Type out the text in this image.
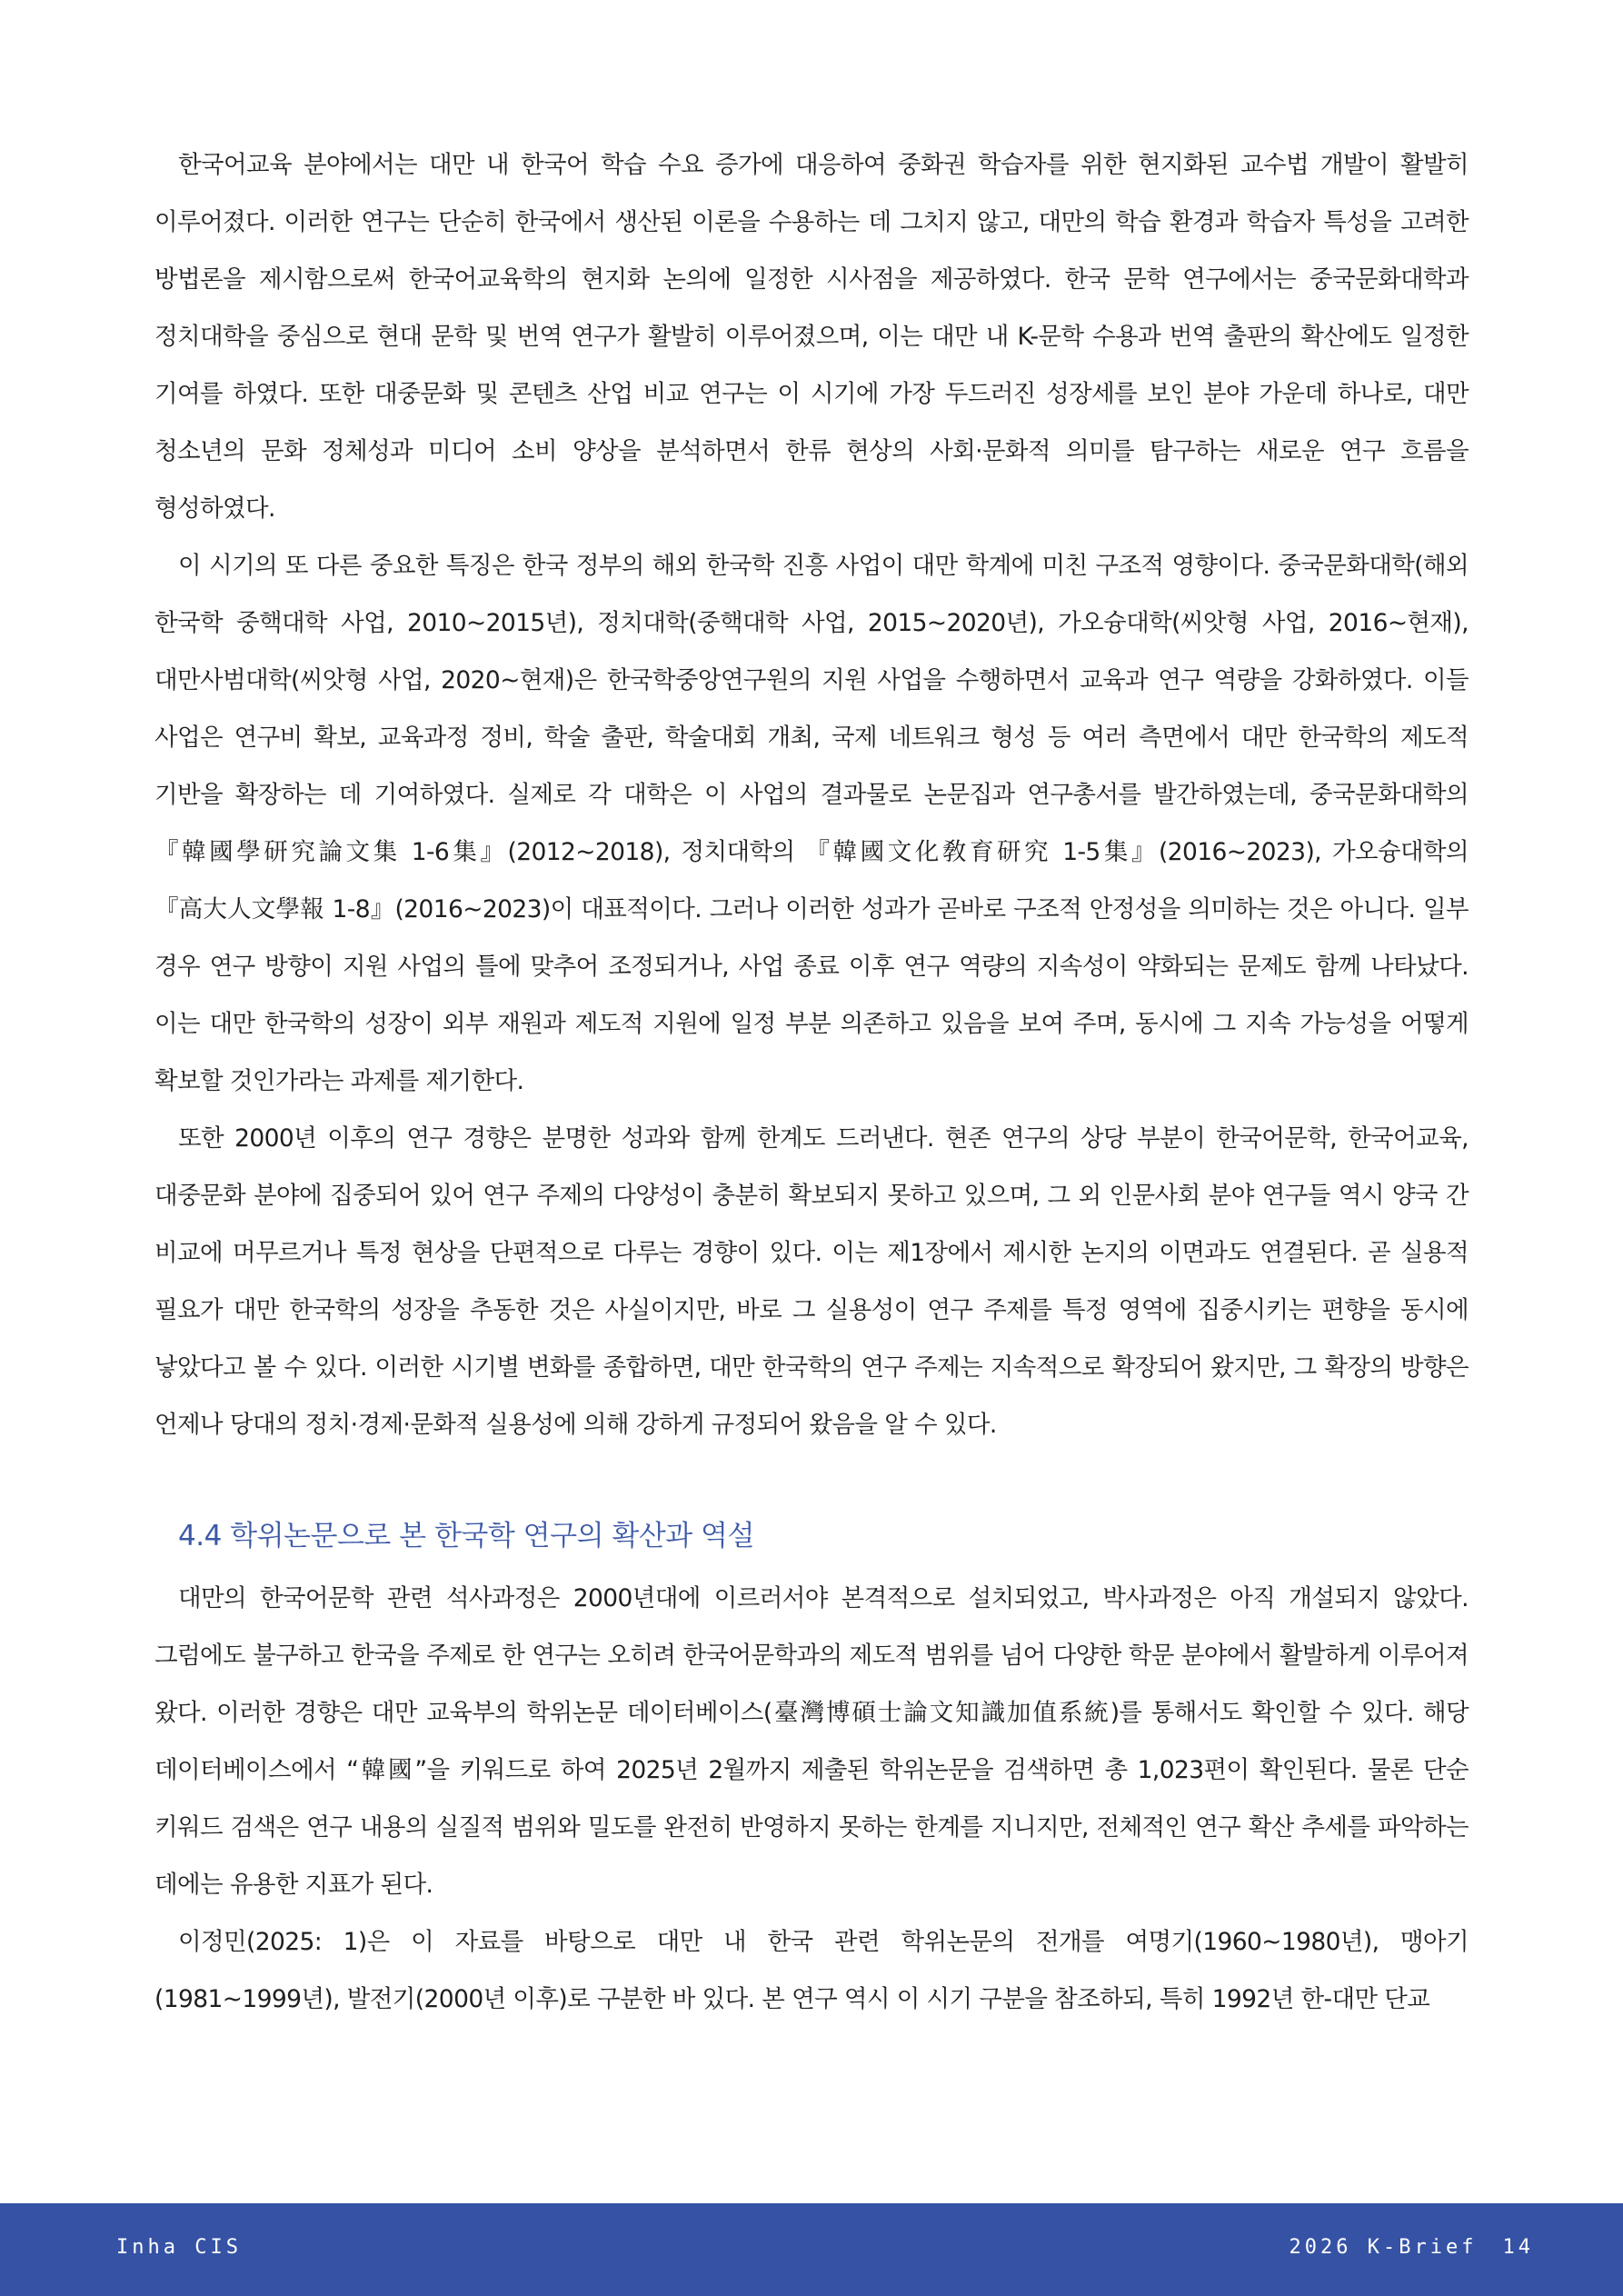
한국어교육 분야에서는 대만 내 한국어 학습 수요 증가에 대응하여 중화권 학습자를 위한 현지화된 교수법 개발이 활발히 이루어졌다. 이러한 연구는 단순히 한국에서 생산된 이론을 수용하는 데 그치지 않고, 대만의 학습 환경과 학습자 특성을 고려한 방법론을 제시함으로써 한국어교육학의 현지화 논의에 일정한 시사점을 제공하였다. 한국 문학 연구에서는 중국문화대학과 정치대학을 중심으로 현대 문학 및 번역 연구가 활발히 이루어졌으며, 이는 대만 내 K-문학 수용과 번역 출판의 확산에도 일정한 기여를 하였다. 또한 대중문화 및 콘텐츠 산업 비교 연구는 이 시기에 가장 두드러진 성장세를 보인 분야 가운데 하나로, 대만 청소년의 문화 정체성과 미디어 소비 양상을 분석하면서 한류 현상의 사회·문화적 의미를 탐구하는 새로운 연구 흐름을 형성하였다.

이 시기의 또 다른 중요한 특징은 한국 정부의 해외 한국학 진흥 사업이 대만 학계에 미친 구조적 영향이다. 중국문화대학(해외 한국학 중핵대학 사업, 2010~2015년), 정치대학(중핵대학 사업, 2015~2020년), 가오슝대학(씨앗형 사업, 2016~현재), 대만사범대학(씨앗형 사업, 2020~현재)은 한국학중앙연구원의 지원 사업을 수행하면서 교육과 연구 역량을 강화하였다. 이들 사업은 연구비 확보, 교육과정 정비, 학술 출판, 학술대회 개최, 국제 네트워크 형성 등 여러 측면에서 대만 한국학의 제도적 기반을 확장하는 데 기여하였다. 실제로 각 대학은 이 사업의 결과물로 논문집과 연구총서를 발간하였는데, 중국문화대학의 『韓國學研究論文集 1-6集』(2012~2018), 정치대학의 『韓國文化敎育研究 1-5集』(2016~2023), 가오슝대학의 『高大人文學報 1-8』(2016~2023)이 대표적이다. 그러나 이러한 성과가 곧바로 구조적 안정성을 의미하는 것은 아니다. 일부 경우 연구 방향이 지원 사업의 틀에 맞추어 조정되거나, 사업 종료 이후 연구 역량의 지속성이 약화되는 문제도 함께 나타났다. 이는 대만 한국학의 성장이 외부 재원과 제도적 지원에 일정 부분 의존하고 있음을 보여 주며, 동시에 그 지속 가능성을 어떻게 확보할 것인가라는 과제를 제기한다.

또한 2000년 이후의 연구 경향은 분명한 성과와 함께 한계도 드러낸다. 현존 연구의 상당 부분이 한국어문학, 한국어교육, 대중문화 분야에 집중되어 있어 연구 주제의 다양성이 충분히 확보되지 못하고 있으며, 그 외 인문사회 분야 연구들 역시 양국 간 비교에 머무르거나 특정 현상을 단편적으로 다루는 경향이 있다. 이는 제1장에서 제시한 논지의 이면과도 연결된다. 곧 실용적 필요가 대만 한국학의 성장을 추동한 것은 사실이지만, 바로 그 실용성이 연구 주제를 특정 영역에 집중시키는 편향을 동시에 낳았다고 볼 수 있다. 이러한 시기별 변화를 종합하면, 대만 한국학의 연구 주제는 지속적으로 확장되어 왔지만, 그 확장의 방향은 언제나 당대의 정치·경제·문화적 실용성에 의해 강하게 규정되어 왔음을 알 수 있다.

4.4 학위논문으로 본 한국학 연구의 확산과 역설

대만의 한국어문학 관련 석사과정은 2000년대에 이르러서야 본격적으로 설치되었고, 박사과정은 아직 개설되지 않았다. 그럼에도 불구하고 한국을 주제로 한 연구는 오히려 한국어문학과의 제도적 범위를 넘어 다양한 학문 분야에서 활발하게 이루어져 왔다. 이러한 경향은 대만 교육부의 학위논문 데이터베이스(臺灣博碩士論文知識加值系統)를 통해서도 확인할 수 있다. 해당 데이터베이스에서 “韓國”을 키워드로 하여 2025년 2월까지 제출된 학위논문을 검색하면 총 1,023편이 확인된다. 물론 단순 키워드 검색은 연구 내용의 실질적 범위와 밀도를 완전히 반영하지 못하는 한계를 지니지만, 전체적인 연구 확산 추세를 파악하는 데에는 유용한 지표가 된다.

이정민(2025: 1)은 이 자료를 바탕으로 대만 내 한국 관련 학위논문의 전개를 여명기(1960~1980년), 맹아기(1981~1999년), 발전기(2000년 이후)로 구분한 바 있다. 본 연구 역시 이 시기 구분을 참조하되, 특히 1992년 한-대만 단교

Inha CIS	2026 K-Brief 14
